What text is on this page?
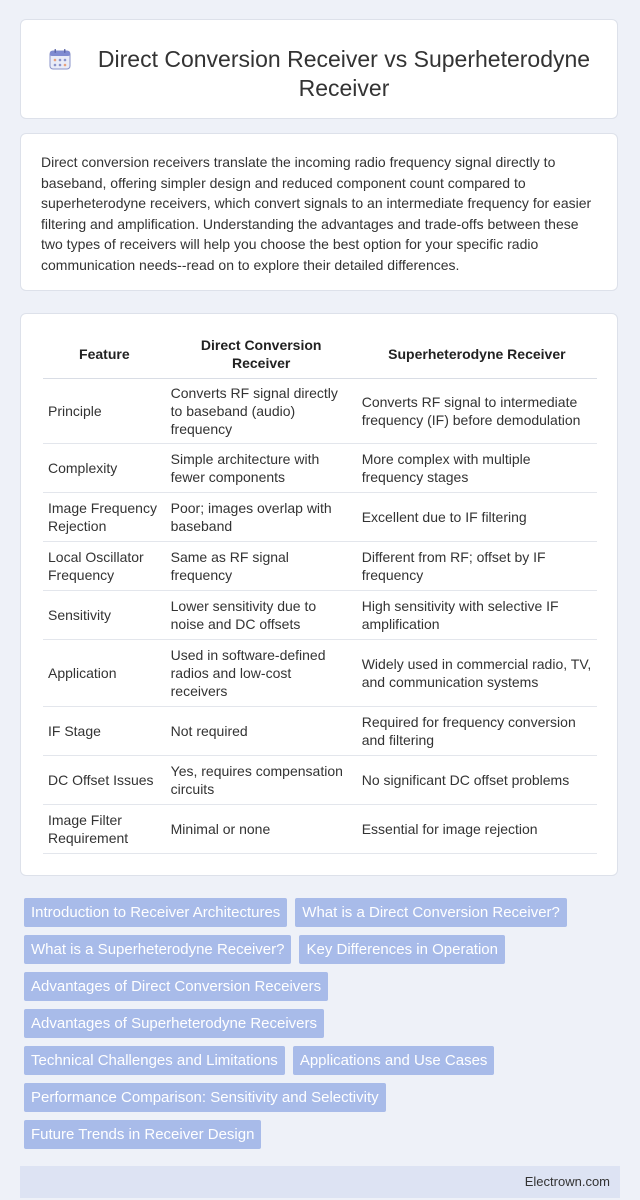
Direct Conversion Receiver vs Superheterodyne Receiver

Direct conversion receivers translate the incoming radio frequency signal directly to baseband, offering simpler design and reduced component count compared to superheterodyne receivers, which convert signals to an intermediate frequency for easier filtering and amplification. Understanding the advantages and trade-offs between these two types of receivers will help you choose the best option for your specific radio communication needs--read on to explore their detailed differences.

Feature	Direct Conversion Receiver	Superheterodyne Receiver
Principle	Converts RF signal directly to baseband (audio) frequency	Converts RF signal to intermediate frequency (IF) before demodulation
Complexity	Simple architecture with fewer components	More complex with multiple frequency stages
Image Frequency Rejection	Poor; images overlap with baseband	Excellent due to IF filtering
Local Oscillator Frequency	Same as RF signal frequency	Different from RF; offset by IF frequency
Sensitivity	Lower sensitivity due to noise and DC offsets	High sensitivity with selective IF amplification
Application	Used in software-defined radios and low-cost receivers	Widely used in commercial radio, TV, and communication systems
IF Stage	Not required	Required for frequency conversion and filtering
DC Offset Issues	Yes, requires compensation circuits	No significant DC offset problems
Image Filter Requirement	Minimal or none	Essential for image rejection
Introduction to Receiver Architectures	What is a Direct Conversion Receiver?
What is a Superheterodyne Receiver?	Key Differences in Operation
Advantages of Direct Conversion Receivers
Advantages of Superheterodyne Receivers
Technical Challenges and Limitations	Applications and Use Cases
Performance Comparison: Sensitivity and Selectivity
Future Trends in Receiver Design
Electrown.com
